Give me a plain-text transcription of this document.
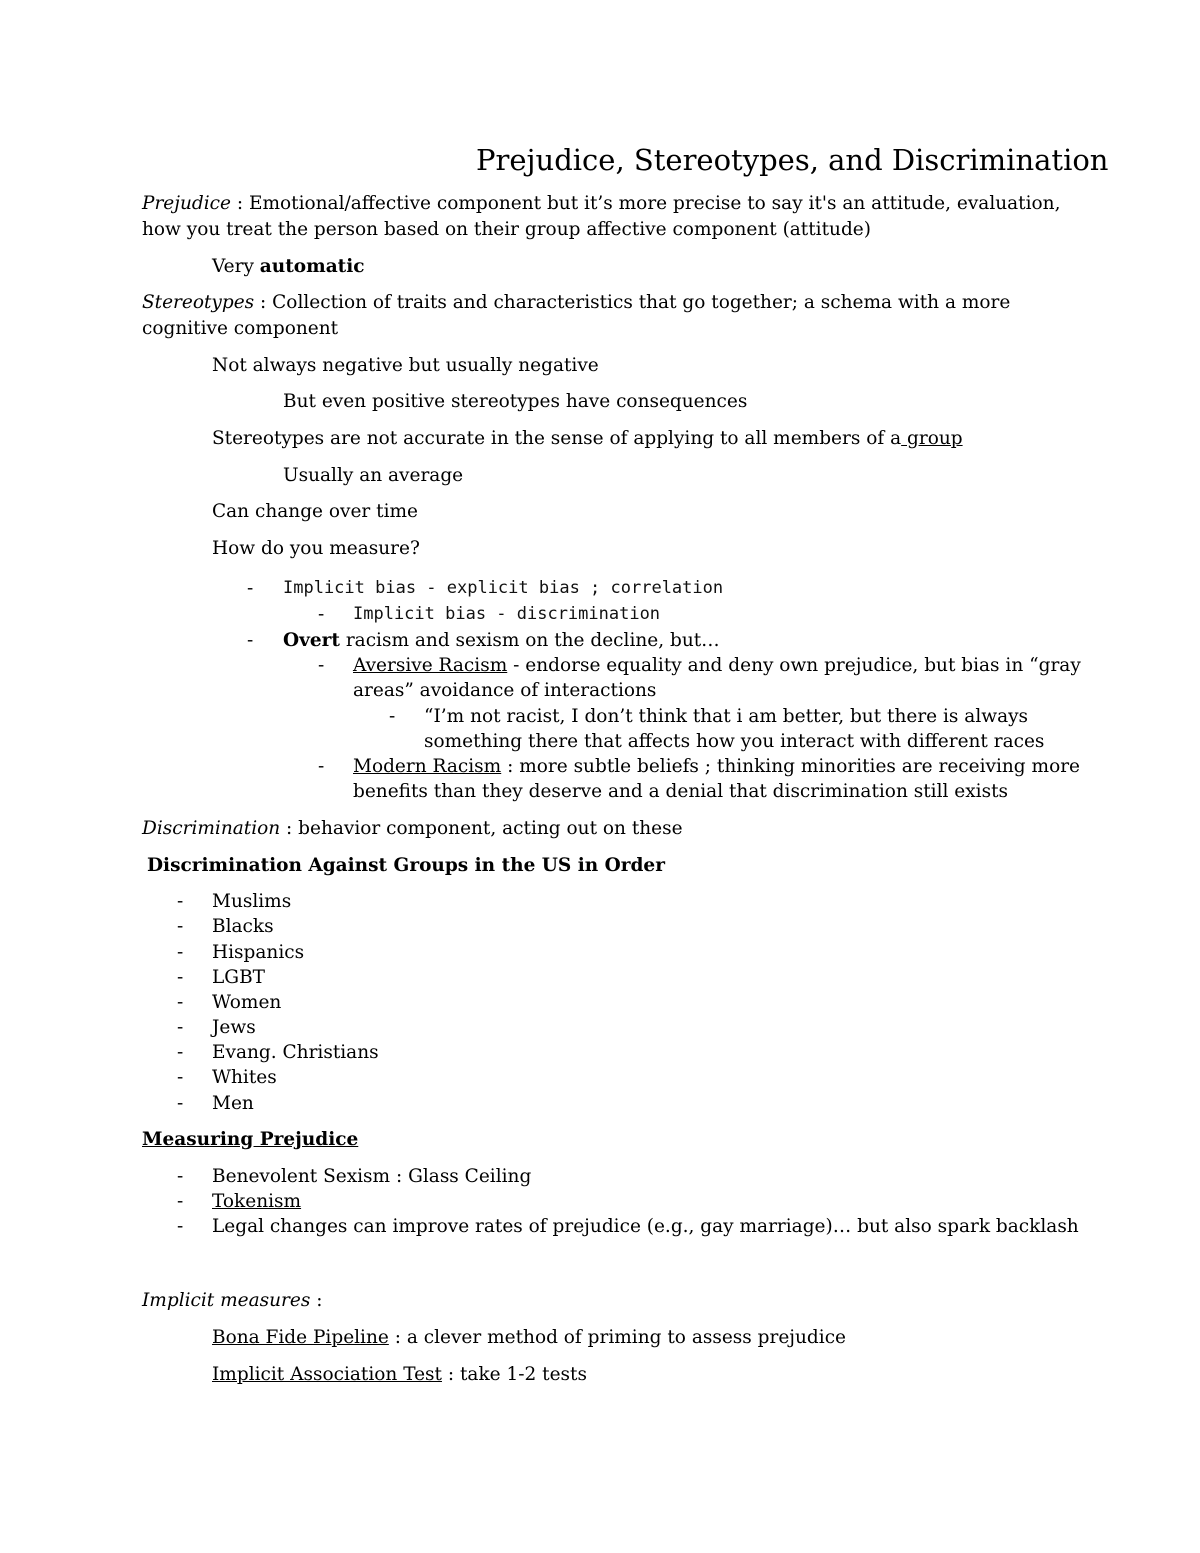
Prejudice, Stereotypes, and Discrimination
Prejudice : Emotional/affective component but it’s more precise to say it's an attitude, evaluation,
how you treat the person based on their group affective component (attitude)
Very automatic
Stereotypes : Collection of traits and characteristics that go together; a schema with a more
cognitive component
Not always negative but usually negative
But even positive stereotypes have consequences
Stereotypes are not accurate in the sense of applying to all members of a group
Usually an average
Can change over time
How do you measure?
- Implicit bias - explicit bias ; correlation
- Implicit bias - discrimination
- Overt racism and sexism on the decline, but…
- Aversive Racism - endorse equality and deny own prejudice, but bias in “gray
areas” avoidance of interactions
- “I’m not racist, I don’t think that i am better, but there is always
something there that affects how you interact with different races
- Modern Racism : more subtle beliefs ; thinking minorities are receiving more
benefits than they deserve and a denial that discrimination still exists
Discrimination : behavior component, acting out on these
Discrimination Against Groups in the US in Order
- Muslims
- Blacks
- Hispanics
- LGBT
- Women
- Jews
- Evang. Christians
- Whites
- Men
Measuring Prejudice
- Benevolent Sexism : Glass Ceiling
- Tokenism
- Legal changes can improve rates of prejudice (e.g., gay marriage)… but also spark backlash
Implicit measures :
Bona Fide Pipeline : a clever method of priming to assess prejudice
Implicit Association Test : take 1-2 tests
